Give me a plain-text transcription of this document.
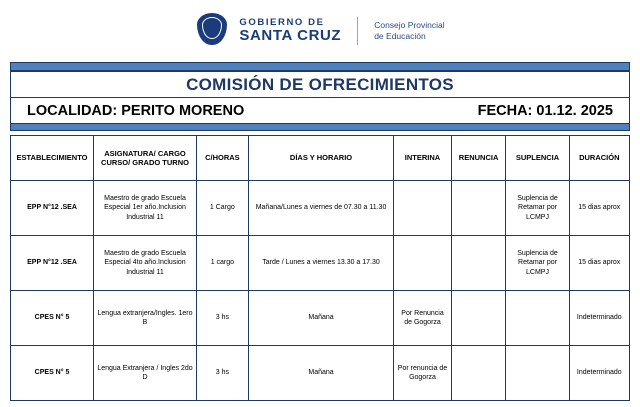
GOBIERNO DE
SANTA CRUZ
Consejo Provincial
de Educación
COMISIÓN DE OFRECIMIENTOS
LOCALIDAD: PERITO MORENO	FECHA: 01.12. 2025
ESTABLECIMIENTO	ASIGNATURA/ CARGO CURSO/ GRADO TURNO	C/HORAS	DÍAS Y HORARIO	INTERINA	RENUNCIA	SUPLENCIA	DURACIÓN
EPP N°12 .SEA	Maestro de grado Escuela Especial 1er año.Inclusion Industrial 11	1 Cargo	Mañana/Lunes a viernes de 07.30 a 11.30			Suplencia de Retamar por LCMPJ	15 dias aprox
EPP N°12 .SEA	Maestro de grado Escuela Especial 4to año.Inclusion Industrial 11	1 cargo	Tarde / Lunes a viernes 13.30 a 17.30			Suplencia de Retamar por LCMPJ	15 dias aprox
CPES N° 5	Lengua extranjera/Ingles. 1ero B	3 hs	Mañana	Por Renuncia de Gogorza			Indeterminado
CPES N° 5	Lengua Extranjera / Ingles 2do D	3 hs	Mañana	Por renuncia de Gogorza			Indeterminado
